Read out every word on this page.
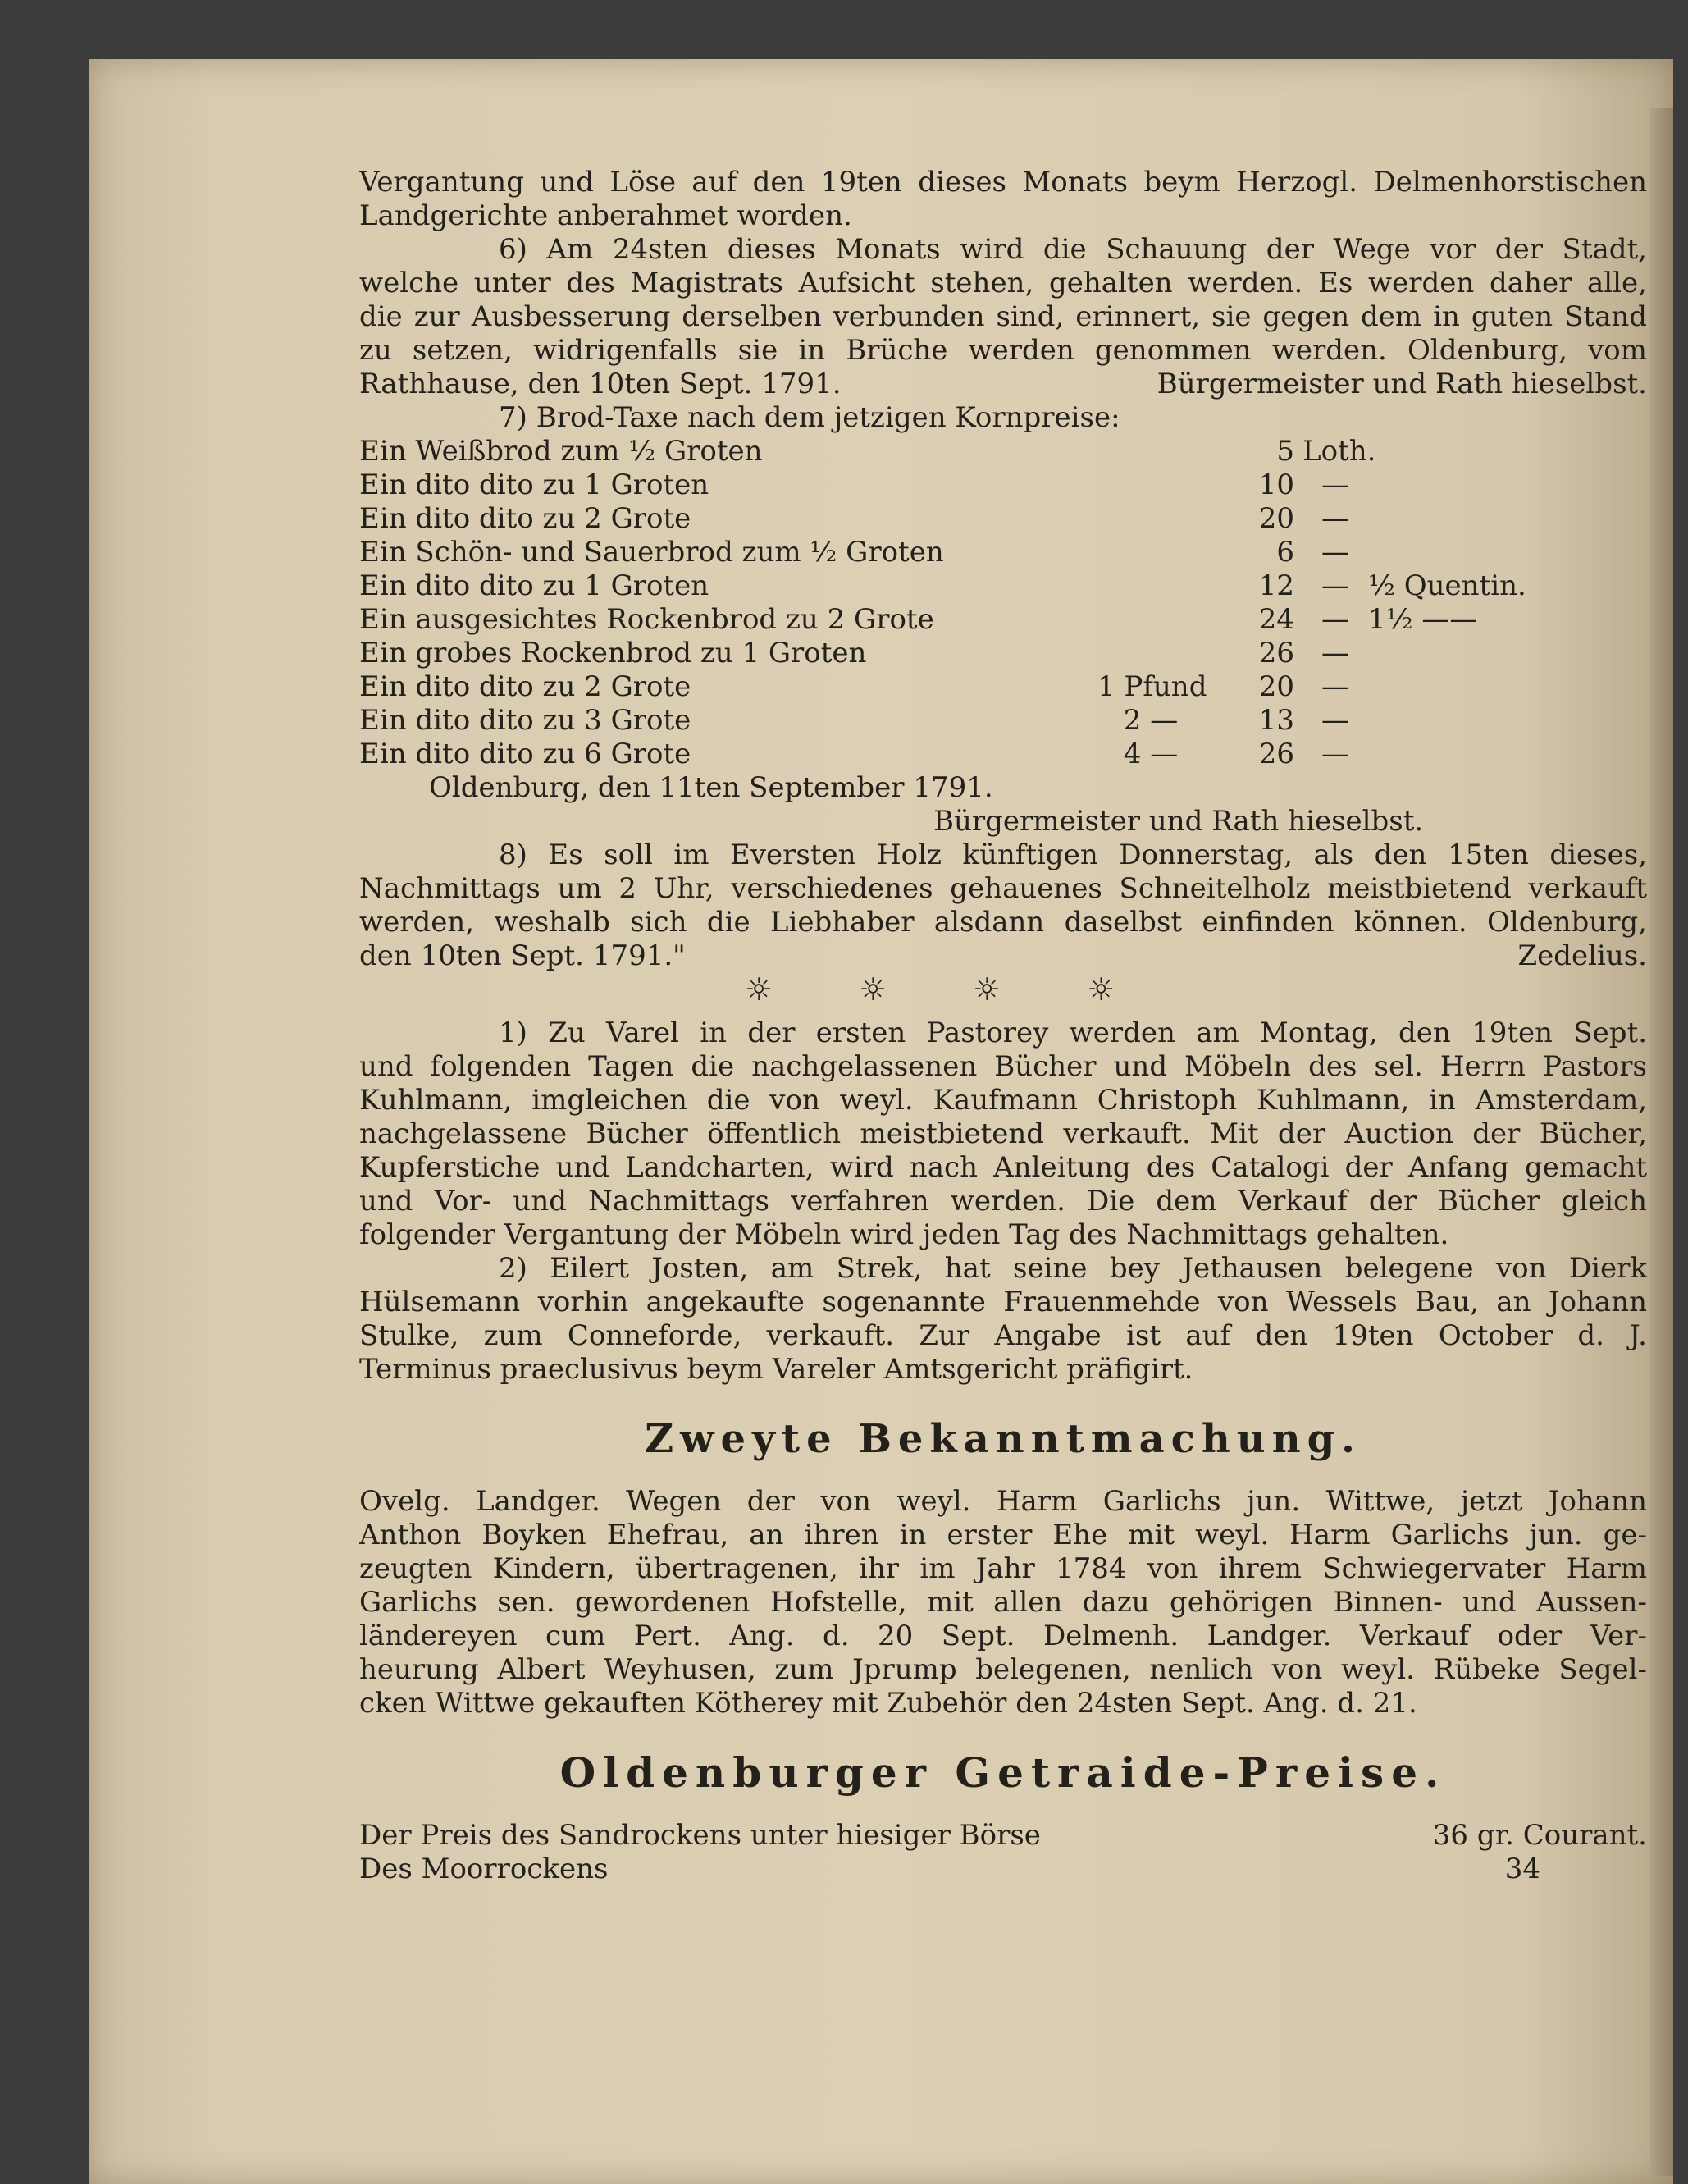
Vergantung und Löse auf den 19ten dieses Monats beym Herzogl. Delmenhorstischen
Landgerichte anberahmet worden.
6) Am 24sten dieses Monats wird die Schauung der Wege vor der Stadt,
welche unter des Magistrats Aufsicht stehen, gehalten werden. Es werden daher alle,
die zur Ausbesserung derselben verbunden sind, erinnert, sie gegen dem in guten Stand
zu setzen, widrigenfalls sie in Brüche werden genommen werden. Oldenburg, vom
Rathhause, den 10ten Sept. 1791.	Bürgermeister und Rath hieselbst.
7) Brod-Taxe nach dem jetzigen Kornpreise:
Ein Weißbrod zum ½ Groten	5 Loth.
Ein dito dito zu 1 Groten	10 —
Ein dito dito zu 2 Grote	20 —
Ein Schön- und Sauerbrod zum ½ Groten	6 —
Ein dito dito zu 1 Groten	12 — ½ Quentin.
Ein ausgesichtes Rockenbrod zu 2 Grote	24 — 1½ ——
Ein grobes Rockenbrod zu 1 Groten	26 —
Ein dito dito zu 2 Grote	1 Pfund	20 —
Ein dito dito zu 3 Grote	2 —	13 —
Ein dito dito zu 6 Grote	4 —	26 —
Oldenburg, den 11ten September 1791.
Bürgermeister und Rath hieselbst.
8) Es soll im Eversten Holz künftigen Donnerstag, als den 15ten dieses,
Nachmittags um 2 Uhr, verschiedenes gehauenes Schneitelholz meistbietend verkauft
werden, weshalb sich die Liebhaber alsdann daselbst einfinden können. Oldenburg,
den 10ten Sept. 1791."	Zedelius.
☼	☼	☼	☼
1) Zu Varel in der ersten Pastorey werden am Montag, den 19ten Sept.
und folgenden Tagen die nachgelassenen Bücher und Möbeln des sel. Herrn Pastors
Kuhlmann, imgleichen die von weyl. Kaufmann Christoph Kuhlmann, in Amsterdam,
nachgelassene Bücher öffentlich meistbietend verkauft. Mit der Auction der Bücher,
Kupferstiche und Landcharten, wird nach Anleitung des Catalogi der Anfang gemacht
und Vor- und Nachmittags verfahren werden. Die dem Verkauf der Bücher gleich
folgender Vergantung der Möbeln wird jeden Tag des Nachmittags gehalten.
2) Eilert Josten, am Strek, hat seine bey Jethausen belegene von Dierk
Hülsemann vorhin angekaufte sogenannte Frauenmehde von Wessels Bau, an Johann
Stulke, zum Conneforde, verkauft. Zur Angabe ist auf den 19ten October d. J.
Terminus praeclusivus beym Vareler Amtsgericht präfigirt.
Zweyte Bekanntmachung.
Ovelg. Landger. Wegen der von weyl. Harm Garlichs jun. Wittwe, jetzt Johann
Anthon Boyken Ehefrau, an ihren in erster Ehe mit weyl. Harm Garlichs jun. ge-
zeugten Kindern, übertragenen, ihr im Jahr 1784 von ihrem Schwiegervater Harm
Garlichs sen. gewordenen Hofstelle, mit allen dazu gehörigen Binnen- und Aussen-
ländereyen cum Pert. Ang. d. 20 Sept. Delmenh. Landger. Verkauf oder Ver-
heurung Albert Weyhusen, zum Jprump belegenen, nenlich von weyl. Rübeke Segel-
cken Wittwe gekauften Kötherey mit Zubehör den 24sten Sept. Ang. d. 21.
Oldenburger Getraide-Preise.
Der Preis des Sandrockens unter hiesiger Börse	36 gr. Courant.
Des Moorrockens	34
